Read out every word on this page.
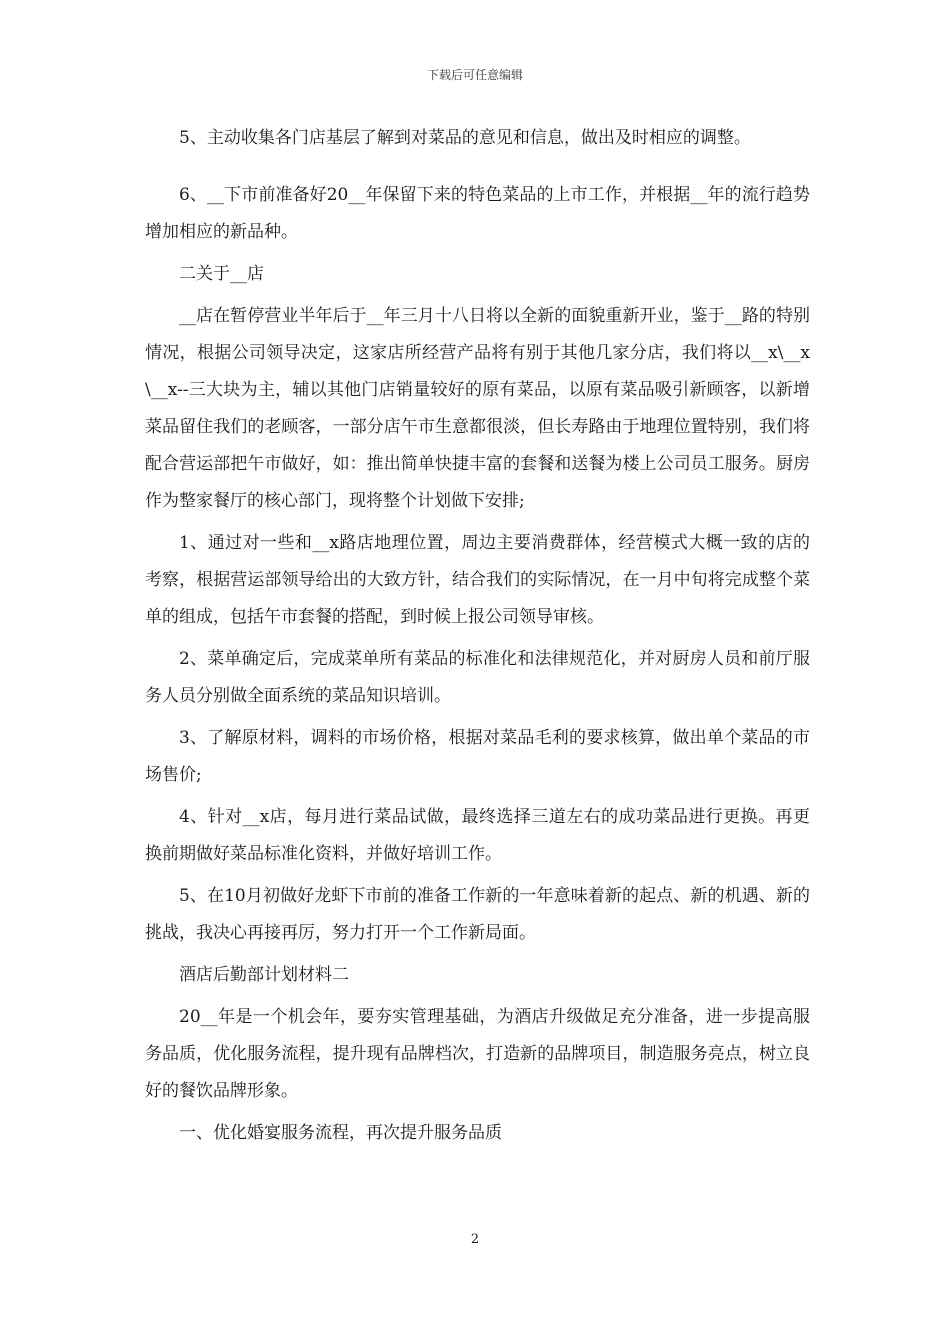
下载后可任意编辑

5、主动收集各门店基层了解到对菜品的意见和信息，做出及时相应的调整。

6、__下市前准备好20__年保留下来的特色菜品的上市工作，并根据__年的流行趋势增加相应的新品种。

二关于__店

__店在暂停营业半年后于__年三月十八日将以全新的面貌重新开业，鉴于__路的特别情况，根据公司领导决定，这家店所经营产品将有别于其他几家分店，我们将以__x\__x\__x--三大块为主，辅以其他门店销量较好的原有菜品，以原有菜品吸引新顾客，以新增菜品留住我们的老顾客，一部分店午市生意都很淡，但长寿路由于地理位置特别，我们将配合营运部把午市做好，如：推出简单快捷丰富的套餐和送餐为楼上公司员工服务。厨房作为整家餐厅的核心部门，现将整个计划做下安排;

1、通过对一些和__x路店地理位置，周边主要消费群体，经营模式大概一致的店的考察，根据营运部领导给出的大致方针，结合我们的实际情况，在一月中旬将完成整个菜单的组成，包括午市套餐的搭配，到时候上报公司领导审核。

2、菜单确定后，完成菜单所有菜品的标准化和法律规范化，并对厨房人员和前厅服务人员分别做全面系统的菜品知识培训。

3、了解原材料，调料的市场价格，根据对菜品毛利的要求核算，做出单个菜品的市场售价;

4、针对__x店，每月进行菜品试做，最终选择三道左右的成功菜品进行更换。再更换前期做好菜品标准化资料，并做好培训工作。

5、在10月初做好龙虾下市前的准备工作新的一年意味着新的起点、新的机遇、新的挑战，我决心再接再厉，努力打开一个工作新局面。

酒店后勤部计划材料二

20__年是一个机会年，要夯实管理基础，为酒店升级做足充分准备，进一步提高服务品质，优化服务流程，提升现有品牌档次，打造新的品牌项目，制造服务亮点，树立良好的餐饮品牌形象。

一、优化婚宴服务流程，再次提升服务品质

2
